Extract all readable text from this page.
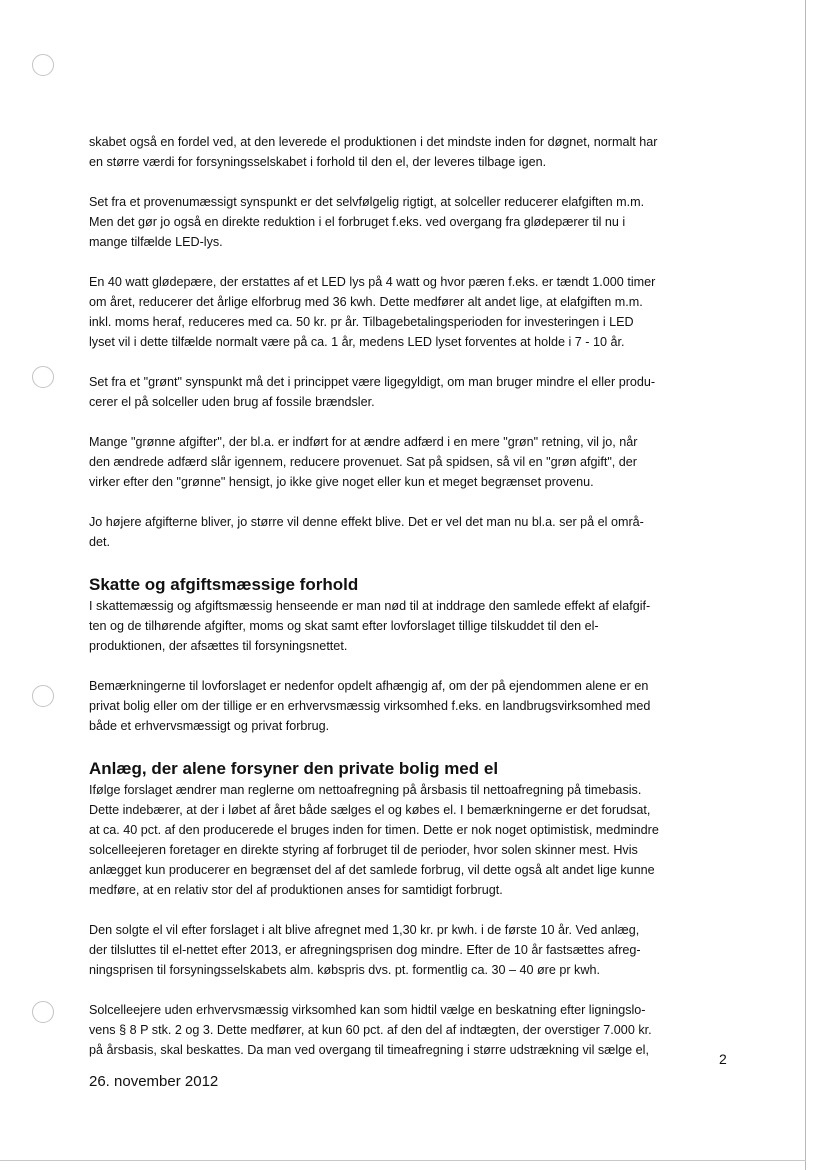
skabet også en fordel ved, at den leverede el produktionen i det mindste inden for døgnet, normalt har
en større værdi for forsyningsselskabet i forhold til den el, der leveres tilbage igen.

Set fra et provenumæssigt synspunkt er det selvfølgelig rigtigt, at solceller reducerer elafgiften m.m.
Men det gør jo også en direkte reduktion i el forbruget f.eks. ved overgang fra glødepærer til nu i
mange tilfælde LED-lys.

En 40 watt glødepære, der erstattes af et LED lys på 4 watt og hvor pæren f.eks. er tændt 1.000 timer
om året, reducerer det årlige elforbrug med 36 kwh. Dette medfører alt andet lige, at elafgiften m.m.
inkl. moms heraf, reduceres med ca. 50 kr. pr år. Tilbagebetalingsperioden for investeringen i LED
lyset vil i dette tilfælde normalt være på ca. 1 år, medens LED lyset forventes at holde i 7 - 10 år.

Set fra et "grønt" synspunkt må det i princippet være ligegyldigt, om man bruger mindre el eller produ-
cerer el på solceller uden brug af fossile brændsler.

Mange "grønne afgifter", der bl.a. er indført for at ændre adfærd i en mere "grøn" retning, vil jo, når
den ændrede adfærd slår igennem, reducere provenuet. Sat på spidsen, så vil en "grøn afgift", der
virker efter den "grønne" hensigt, jo ikke give noget eller kun et meget begrænset provenu.

Jo højere afgifterne bliver, jo større vil denne effekt blive. Det er vel det man nu bl.a. ser på el områ-
det.

Skatte og afgiftsmæssige forhold

I skattemæssig og afgiftsmæssig henseende er man nød til at inddrage den samlede effekt af elafgif-
ten og de tilhørende afgifter, moms og skat samt efter lovforslaget tillige tilskuddet til den el-
produktionen, der afsættes til forsyningsnettet.

Bemærkningerne til lovforslaget er nedenfor opdelt afhængig af, om der på ejendommen alene er en
privat bolig eller om der tillige er en erhvervsmæssig virksomhed f.eks. en landbrugsvirksomhed med
både et erhvervsmæssigt og privat forbrug.

Anlæg, der alene forsyner den private bolig med el

Ifølge forslaget ændrer man reglerne om nettoafregning på årsbasis til nettoafregning på timebasis.
Dette indebærer, at der i løbet af året både sælges el og købes el. I bemærkningerne er det forudsat,
at ca. 40 pct. af den producerede el bruges inden for timen. Dette er nok noget optimistisk, medmindre
solcelleejeren foretager en direkte styring af forbruget til de perioder, hvor solen skinner mest. Hvis
anlægget kun producerer en begrænset del af det samlede forbrug, vil dette også alt andet lige kunne
medføre, at en relativ stor del af produktionen anses for samtidigt forbrugt.

Den solgte el vil efter forslaget i alt blive afregnet med 1,30 kr. pr kwh. i de første 10 år. Ved anlæg,
der tilsluttes til el-nettet efter 2013, er afregningsprisen dog mindre. Efter de 10 år fastsættes afreg-
ningsprisen til forsyningsselskabets alm. købspris dvs. pt. formentlig ca. 30 – 40 øre pr kwh.

Solcelleejere uden erhvervsmæssig virksomhed kan som hidtil vælge en beskatning efter ligningslo-
vens § 8 P stk. 2 og 3. Dette medfører, at kun 60 pct. af den del af indtægten, der overstiger 7.000 kr.
på årsbasis, skal beskattes. Da man ved overgang til timeafregning i større udstrækning vil sælge el,

2
26. november 2012
